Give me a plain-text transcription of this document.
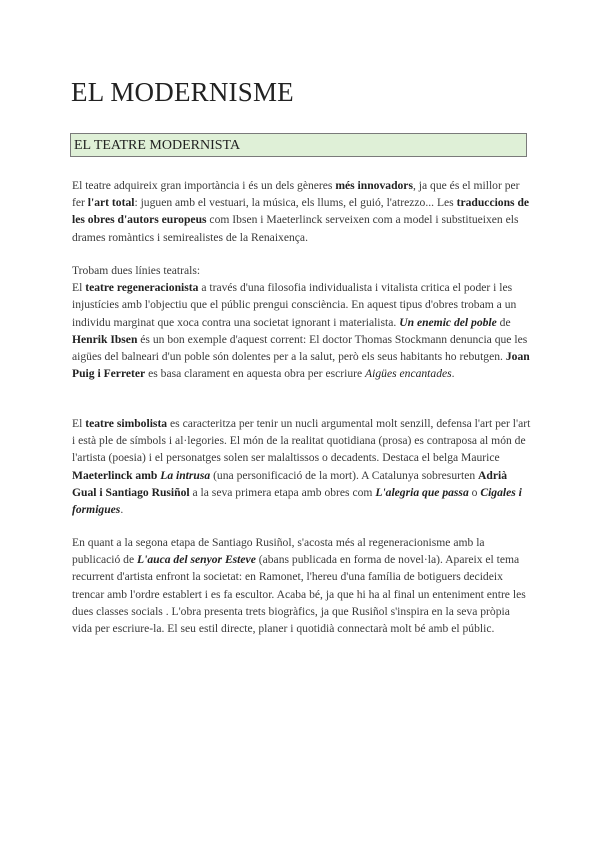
EL MODERNISME
EL TEATRE MODERNISTA

El teatre adquireix gran importància i és un dels gèneres més innovadors, ja que és el millor per fer l'art total: juguen amb el vestuari, la música, els llums, el guió, l'atrezzo... Les traduccions de les obres d'autors europeus com Ibsen i Maeterlinck serveixen com a model i substitueixen els drames romàntics i semirealistes de la Renaixença.

Trobam dues línies teatrals:
El teatre regeneracionista a través d'una filosofia individualista i vitalista critica el poder i les injustícies amb l'objectiu que el públic prengui consciència. En aquest tipus d'obres trobam a un individu marginat que xoca contra una societat ignorant i materialista. Un enemic del poble de Henrik Ibsen és un bon exemple d'aquest corrent: El doctor Thomas Stockmann denuncia que les aigües del balneari d'un poble són dolentes per a la salut, però els seus habitants ho rebutgen. Joan Puig i Ferreter es basa clarament en aquesta obra per escriure Aigües encantades.

El teatre simbolista es caracteritza per tenir un nucli argumental molt senzill, defensa l'art per l'art i està ple de símbols i al·legories. El món de la realitat quotidiana (prosa) es contraposa al món de l'artista (poesia) i el personatges solen ser malaltissos o decadents. Destaca el belga Maurice Maeterlinck amb La intrusa (una personificació de la mort). A Catalunya sobresurten Adrià Gual i Santiago Rusiñol a la seva primera etapa amb obres com L'alegria que passa o Cigales i formigues.

En quant a la segona etapa de Santiago Rusiñol, s'acosta més al regeneracionisme amb la publicació de L'auca del senyor Esteve (abans publicada en forma de novel·la). Apareix el tema recurrent d'artista enfront la societat: en Ramonet, l'hereu d'una família de botiguers decideix trencar amb l'ordre establert i es fa escultor. Acaba bé, ja que hi ha al final un enteniment entre les dues classes socials . L'obra presenta trets biogràfics, ja que Rusiñol s'inspira en la seva pròpia vida per escriure-la. El seu estil directe, planer i quotidià connectarà molt bé amb el públic.
